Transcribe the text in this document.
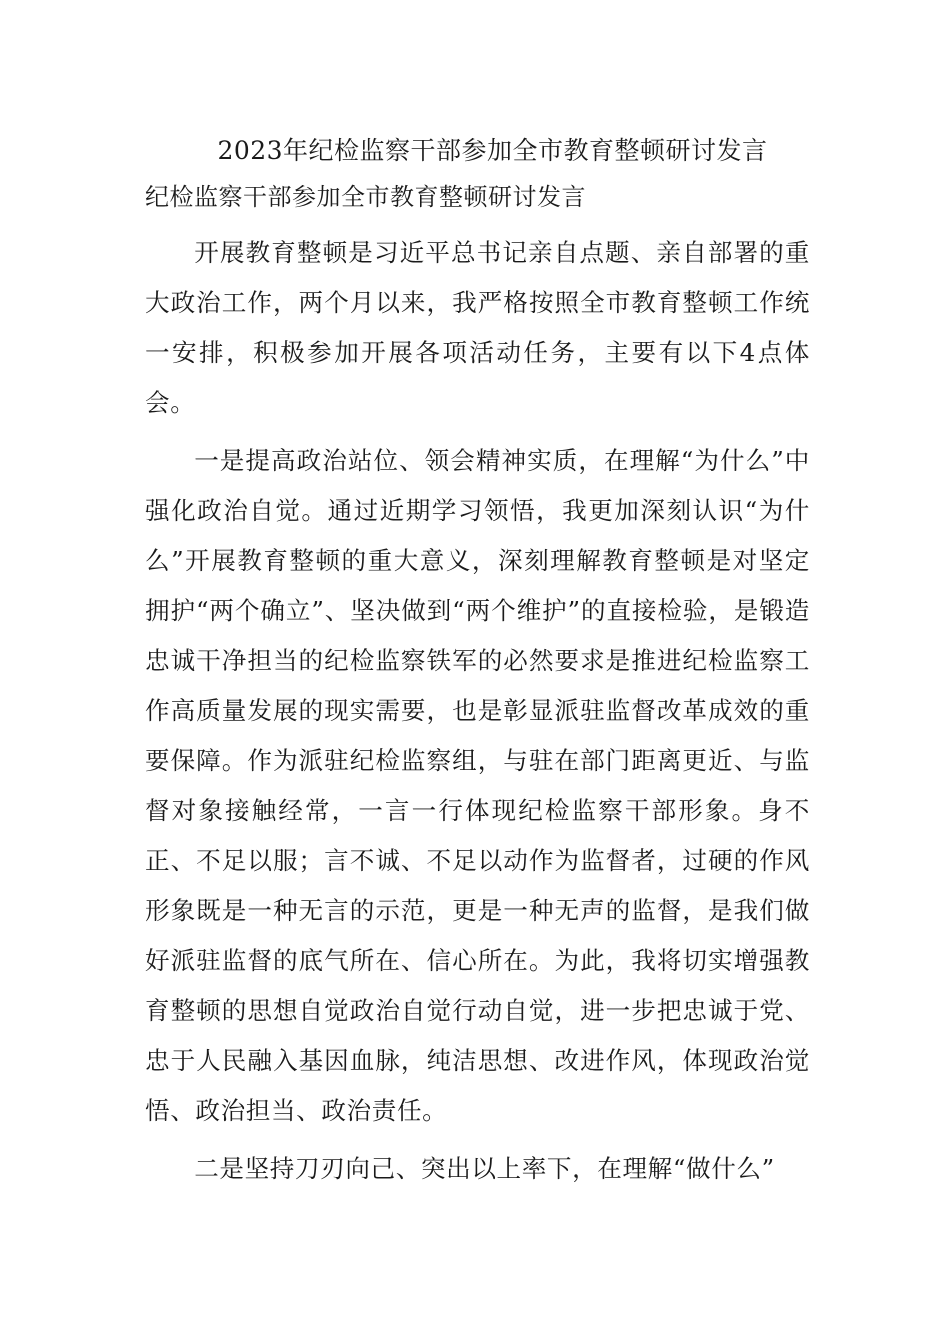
2023年纪检监察干部参加全市教育整顿研讨发言
纪检监察干部参加全市教育整顿研讨发言

开展教育整顿是习近平总书记亲自点题、亲自部署的重大政治工作，两个月以来，我严格按照全市教育整顿工作统一安排，积极参加开展各项活动任务，主要有以下4点体会。

一是提高政治站位、领会精神实质，在理解“为什么”中强化政治自觉。通过近期学习领悟，我更加深刻认识“为什么”开展教育整顿的重大意义，深刻理解教育整顿是对坚定拥护“两个确立”、坚决做到“两个维护”的直接检验，是锻造忠诚干净担当的纪检监察铁军的必然要求是推进纪检监察工作高质量发展的现实需要，也是彰显派驻监督改革成效的重要保障。作为派驻纪检监察组，与驻在部门距离更近、与监督对象接触经常，一言一行体现纪检监察干部形象。身不正、不足以服；言不诚、不足以动作为监督者，过硬的作风形象既是一种无言的示范，更是一种无声的监督，是我们做好派驻监督的底气所在、信心所在。为此，我将切实增强教育整顿的思想自觉政治自觉行动自觉，进一步把忠诚于党、忠于人民融入基因血脉，纯洁思想、改进作风，体现政治觉悟、政治担当、政治责任。

二是坚持刀刃向己、突出以上率下，在理解“做什么”
